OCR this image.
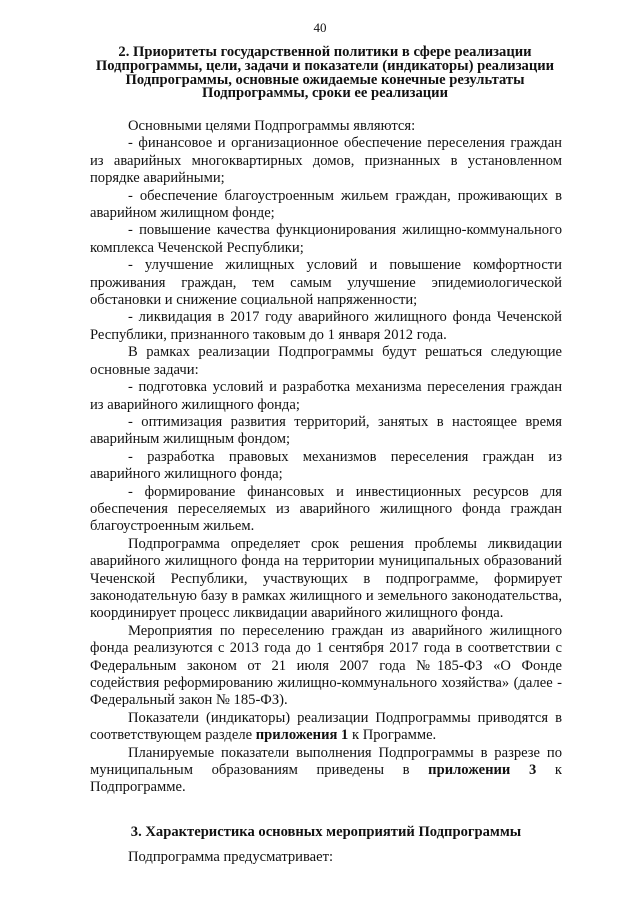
40
2. Приоритеты государственной политики в сфере реализации
Подпрограммы, цели, задачи и показатели (индикаторы) реализации
Подпрограммы, основные ожидаемые конечные результаты
Подпрограммы, сроки ее реализации

Основными целями Подпрограммы являются:

- финансовое и организационное обеспечение переселения граждан из аварийных многоквартирных домов, признанных в установленном порядке аварийными;

- обеспечение благоустроенным жильем граждан, проживающих в аварийном жилищном фонде;

- повышение качества функционирования жилищно-коммунального комплекса Чеченской Республики;

- улучшение жилищных условий и повышение комфортности проживания граждан, тем самым улучшение эпидемиологической обстановки и снижение социальной напряженности;

- ликвидация в 2017 году аварийного жилищного фонда Чеченской Республики, признанного таковым до 1 января 2012 года.

В рамках реализации Подпрограммы будут решаться следующие основные задачи:

- подготовка условий и разработка механизма переселения граждан из аварийного жилищного фонда;

- оптимизация развития территорий, занятых в настоящее время аварийным жилищным фондом;

- разработка правовых механизмов переселения граждан из аварийного жилищного фонда;

- формирование финансовых и инвестиционных ресурсов для обеспечения переселяемых из аварийного жилищного фонда граждан благоустроенным жильем.

Подпрограмма определяет срок решения проблемы ликвидации аварийного жилищного фонда на территории муниципальных образований Чеченской Республики, участвующих в подпрограмме, формирует законодательную базу в рамках жилищного и земельного законодательства, координирует процесс ликвидации аварийного жилищного фонда.

Мероприятия по переселению граждан из аварийного жилищного фонда реализуются с 2013 года до 1 сентября 2017 года в соответствии с Федеральным законом от 21 июля 2007 года №185-ФЗ «О Фонде содействия реформированию жилищно-коммунального хозяйства» (далее - Федеральный закон № 185-ФЗ).

Показатели (индикаторы) реализации Подпрограммы приводятся в соответствующем разделе приложения 1 к Программе.

Планируемые показатели выполнения Подпрограммы в разрезе по муниципальным образованиям приведены в приложении 3 к Подпрограмме.

3. Характеристика основных мероприятий Подпрограммы

Подпрограмма предусматривает:
